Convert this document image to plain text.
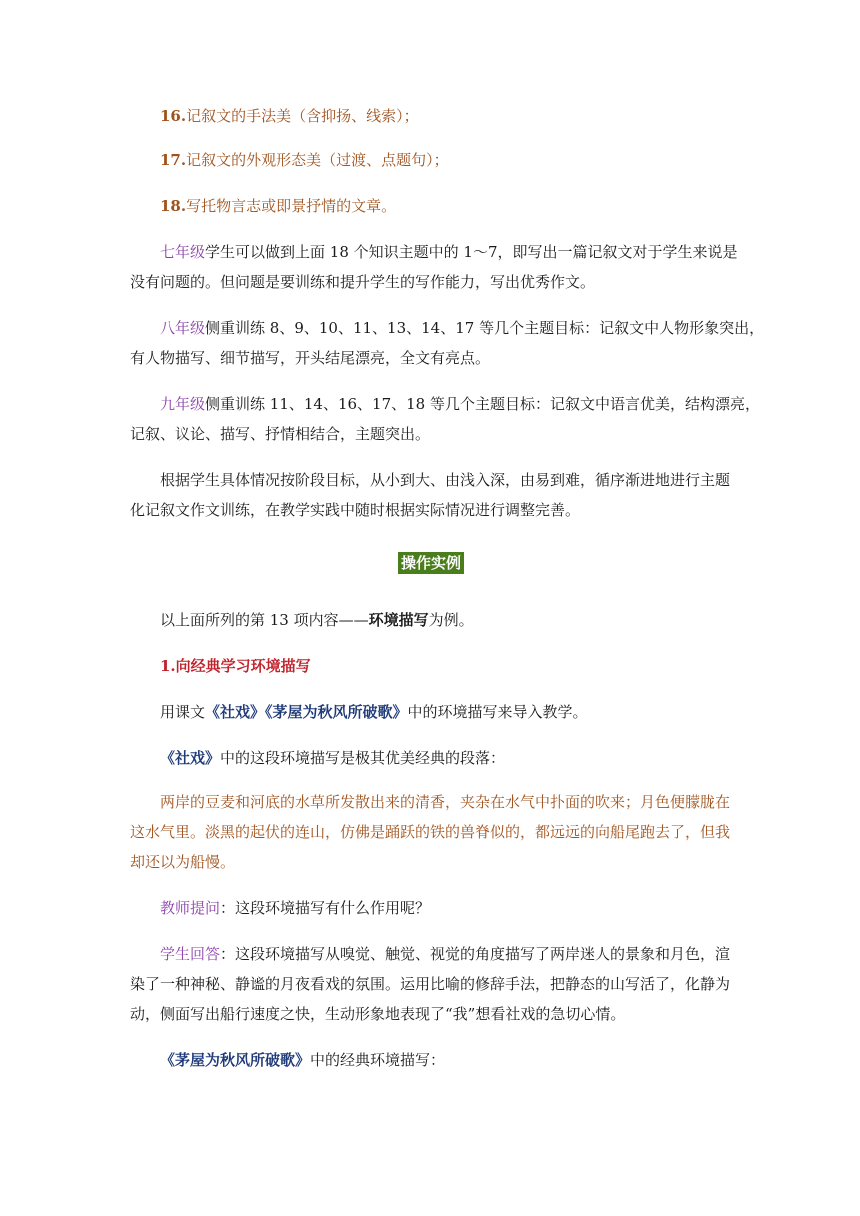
16.记叙文的手法美（含抑扬、线索）；
17.记叙文的外观形态美（过渡、点题句）；
18.写托物言志或即景抒情的文章。
七年级学生可以做到上面 18 个知识主题中的 1～7，即写出一篇记叙文对于学生来说是
没有问题的。但问题是要训练和提升学生的写作能力，写出优秀作文。
八年级侧重训练 8、9、10、11、13、14、17 等几个主题目标：记叙文中人物形象突出，
有人物描写、细节描写，开头结尾漂亮，全文有亮点。
九年级侧重训练 11、14、16、17、18 等几个主题目标：记叙文中语言优美，结构漂亮，
记叙、议论、描写、抒情相结合，主题突出。
根据学生具体情况按阶段目标，从小到大、由浅入深，由易到难，循序渐进地进行主题
化记叙文作文训练，在教学实践中随时根据实际情况进行调整完善。
操作实例
以上面所列的第 13 项内容——环境描写为例。
1.向经典学习环境描写
用课文《社戏》《茅屋为秋风所破歌》中的环境描写来导入教学。
《社戏》中的这段环境描写是极其优美经典的段落：
两岸的豆麦和河底的水草所发散出来的清香，夹杂在水气中扑面的吹来；月色便朦胧在
这水气里。淡黑的起伏的连山，仿佛是踊跃的铁的兽脊似的，都远远的向船尾跑去了，但我
却还以为船慢。
教师提问：这段环境描写有什么作用呢？
学生回答：这段环境描写从嗅觉、触觉、视觉的角度描写了两岸迷人的景象和月色，渲
染了一种神秘、静谧的月夜看戏的氛围。运用比喻的修辞手法，把静态的山写活了，化静为
动，侧面写出船行速度之快，生动形象地表现了“我”想看社戏的急切心情。
《茅屋为秋风所破歌》中的经典环境描写：
